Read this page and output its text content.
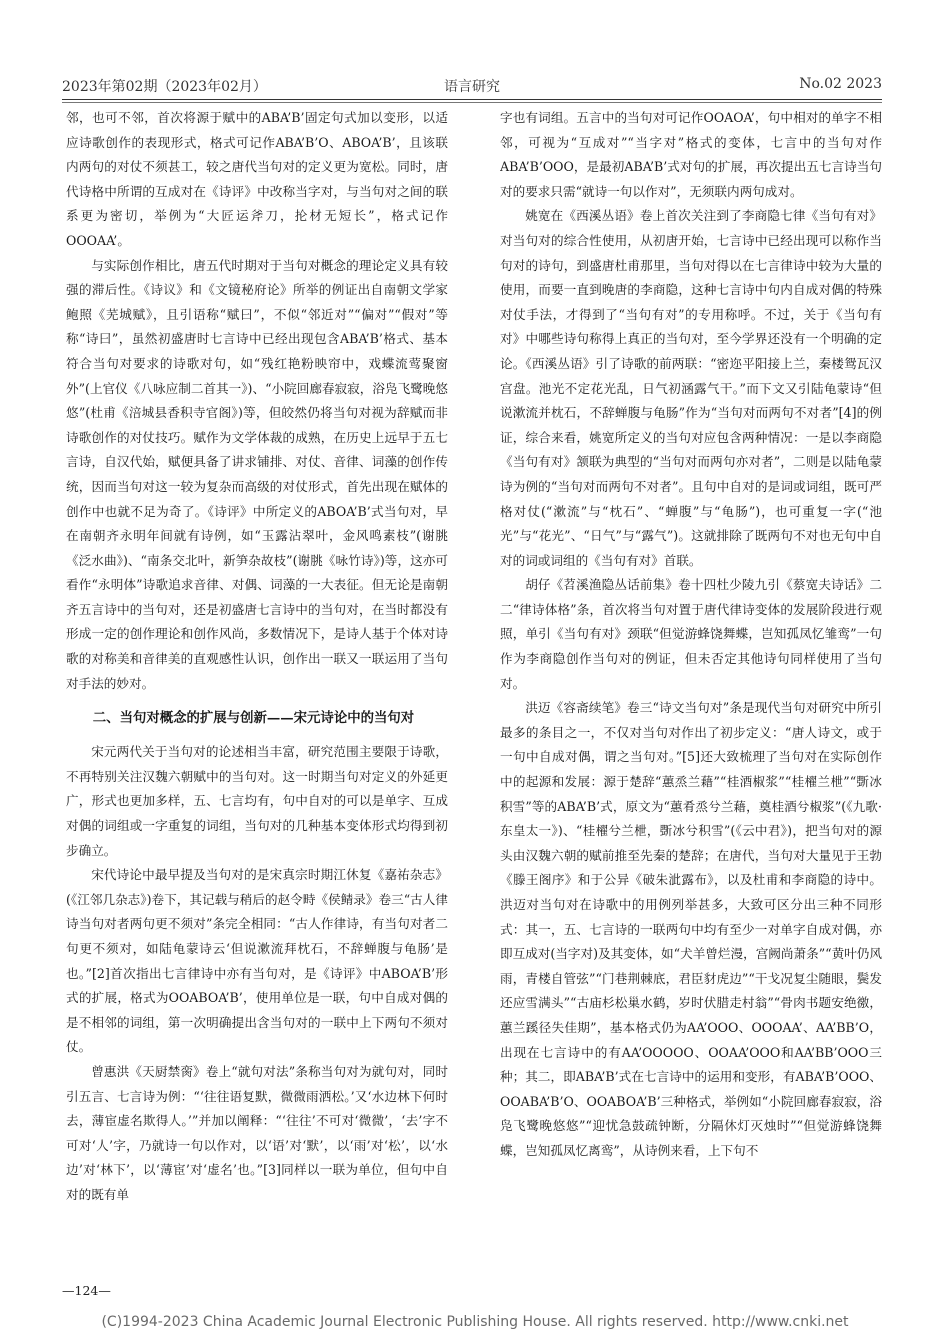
2023年第02期（2023年02月）	语言研究	No.02 2023

邻，也可不邻，首次将源于赋中的ABA’B’固定句式加以变形，以适应诗歌创作的表现形式，格式可记作ABA’B’O、ABOA’B’，且该联内两句的对仗不须甚工，较之唐代当句对的定义更为宽松。同时，唐代诗格中所谓的互成对在《诗评》中改称当字对，与当句对之间的联系更为密切，举例为“大匠运斧刀，抡材无短长”，格式记作OOOAA’。

与实际创作相比，唐五代时期对于当句对概念的理论定义具有较强的滞后性。《诗议》和《文镜秘府论》所举的例证出自南朝文学家鲍照《芜城赋》，且引语称“赋曰”，不似“邻近对”“偏对”“假对”等称“诗曰”，虽然初盛唐时七言诗中已经出现包含ABA’B’格式、基本符合当句对要求的诗歌对句，如“残红艳粉映帘中，戏蝶流莺聚窗外”(上官仪《八咏应制二首其一》)、“小院回廊春寂寂，浴凫飞鹭晚悠悠”(杜甫《涪城县香积寺官阁》)等，但皎然仍将当句对视为辞赋而非诗歌创作的对仗技巧。赋作为文学体裁的成熟，在历史上远早于五七言诗，自汉代始，赋便具备了讲求铺排、对仗、音律、词藻的创作传统，因而当句对这一较为复杂而高级的对仗形式，首先出现在赋体的创作中也就不足为奇了。《诗评》中所定义的ABOA’B’式当句对，早在南朝齐永明年间就有诗例，如“玉露沾翠叶，金风鸣素枝”(谢朓《泛水曲》)、“南条交北叶，新笋杂故枝”(谢朓《咏竹诗》)等，这亦可看作“永明体”诗歌追求音律、对偶、词藻的一大表征。但无论是南朝齐五言诗中的当句对，还是初盛唐七言诗中的当句对，在当时都没有形成一定的创作理论和创作风尚，多数情况下，是诗人基于个体对诗歌的对称美和音律美的直观感性认识，创作出一联又一联运用了当句对手法的妙对。

二、当句对概念的扩展与创新——宋元诗论中的当句对

宋元两代关于当句对的论述相当丰富，研究范围主要限于诗歌，不再特别关注汉魏六朝赋中的当句对。这一时期当句对定义的外延更广，形式也更加多样，五、七言均有，句中自对的可以是单字、互成对偶的词组或一字重复的词组，当句对的几种基本变体形式均得到初步确立。

宋代诗论中最早提及当句对的是宋真宗时期江休复《嘉祐杂志》(《江邻几杂志》)卷下，其记载与稍后的赵令畤《侯鲭录》卷三“古人律诗当句对者两句更不须对”条完全相同：“古人作律诗，有当句对者二句更不须对，如陆龟蒙诗云‘但说漱流拜枕石，不辞蝉腹与龟肠’是也。”[2]首次指出七言律诗中亦有当句对，是《诗评》中ABOA’B’形式的扩展，格式为OOABOA’B’，使用单位是一联，句中自成对偶的是不相邻的词组，第一次明确提出含当句对的一联中上下两句不须对仗。

曾惠洪《天厨禁脔》卷上“就句对法”条称当句对为就句对，同时引五言、七言诗为例：“‘往往语复默，微微雨洒松。’又‘水边林下何时去，薄宦虚名欺得人。’”并加以阐释：“‘往往’不可对‘微微’，‘去’字不可对‘人’字，乃就诗一句以作对，以‘语’对‘默’，以‘雨’对‘松’，以‘水边’对‘林下’，以‘薄宦’对‘虚名’也。”[3]同样以一联为单位，但句中自对的既有单

字也有词组。五言中的当句对可记作OOAOA’，句中相对的单字不相邻，可视为“互成对”“当字对”格式的变体，七言中的当句对作ABA’B’OOO，是最初ABA’B’式对句的扩展，再次提出五七言诗当句对的要求只需“就诗一句以作对”，无须联内两句成对。

姚宽在《西溪丛语》卷上首次关注到了李商隐七律《当句有对》对当句对的综合性使用，从初唐开始，七言诗中已经出现可以称作当句对的诗句，到盛唐杜甫那里，当句对得以在七言律诗中较为大量的使用，而要一直到晚唐的李商隐，这种七言诗中句内自成对偶的特殊对仗手法，才得到了“当句有对”的专用称呼。不过，关于《当句有对》中哪些诗句称得上真正的当句对，至今学界还没有一个明确的定论。《西溪丛语》引了诗歌的前两联：“密迩平阳接上兰，秦楼鸳瓦汉宫盘。池光不定花光乱，日气初涵露气干。”而下文又引陆龟蒙诗“但说漱流并枕石，不辞蝉腹与龟肠”作为“当句对而两句不对者”[4]的例证，综合来看，姚宽所定义的当句对应包含两种情况：一是以李商隐《当句有对》颔联为典型的“当句对而两句亦对者”，二则是以陆龟蒙诗为例的“当句对而两句不对者”。且句中自对的是词或词组，既可严格对仗(“漱流”与“枕石”、“蝉腹”与“龟肠”)，也可重复一字(“池光”与“花光”、“日气”与“露气”)。这就排除了既两句不对也无句中自对的词或词组的《当句有对》首联。

胡仔《苕溪渔隐丛话前集》卷十四杜少陵九引《蔡宽夫诗话》二二“律诗体格”条，首次将当句对置于唐代律诗变体的发展阶段进行观照，单引《当句有对》颈联“但觉游蜂饶舞蝶，岂知孤凤忆雏鸾”一句作为李商隐创作当句对的例证，但未否定其他诗句同样使用了当句对。

洪迈《容斋续笔》卷三“诗文当句对”条是现代当句对研究中所引最多的条目之一，不仅对当句对作出了初步定义：“唐人诗文，或于一句中自成对偶，谓之当句对。”[5]还大致梳理了当句对在实际创作中的起源和发展：源于楚辞“蕙烝兰藉”“桂酒椒浆”“桂櫂兰枻”“斲冰积雪”等的ABA’B’式，原文为“蕙肴烝兮兰藉，奠桂酒兮椒浆”(《九歌·东皇太一》)、“桂櫂兮兰枻，斲冰兮积雪”(《云中君》)，把当句对的源头由汉魏六朝的赋前推至先秦的楚辞；在唐代，当句对大量见于王勃《滕王阁序》和于公异《破朱泚露布》，以及杜甫和李商隐的诗中。洪迈对当句对在诗歌中的用例列举甚多，大致可区分出三种不同形式：其一，五、七言诗的一联两句中均有至少一对单字自成对偶，亦即互成对(当字对)及其变体，如“犬羊曾烂漫，宫阙尚萧条”“黄叶仍风雨，青楼自管弦”“门巷荆棘底，君臣豺虎边”“干戈况复尘随眼，鬓发还应雪满头”“古庙杉松巢水鹤，岁时伏腊走村翁”“骨肉书题安绝徼，蕙兰蹊径失佳期”，基本格式仍为AA’OOO、OOOAA’、AA’BB’O，出现在七言诗中的有AA’OOOOO、OOAA’OOO和AA’BB’OOO三种；其二，即ABA’B’式在七言诗中的运用和变形，有ABA’B’OOO、OOABA’B’O、OOABOA’B’三种格式，举例如“小院回廊春寂寂，浴凫飞鹭晚悠悠”“迎忧急鼓疏钟断，分隔休灯灭烛时”“但觉游蜂饶舞蝶，岂知孤凤忆离鸾”，从诗例来看，上下句不

—124—
(C)1994-2023 China Academic Journal Electronic Publishing House. All rights reserved. http://www.cnki.net
